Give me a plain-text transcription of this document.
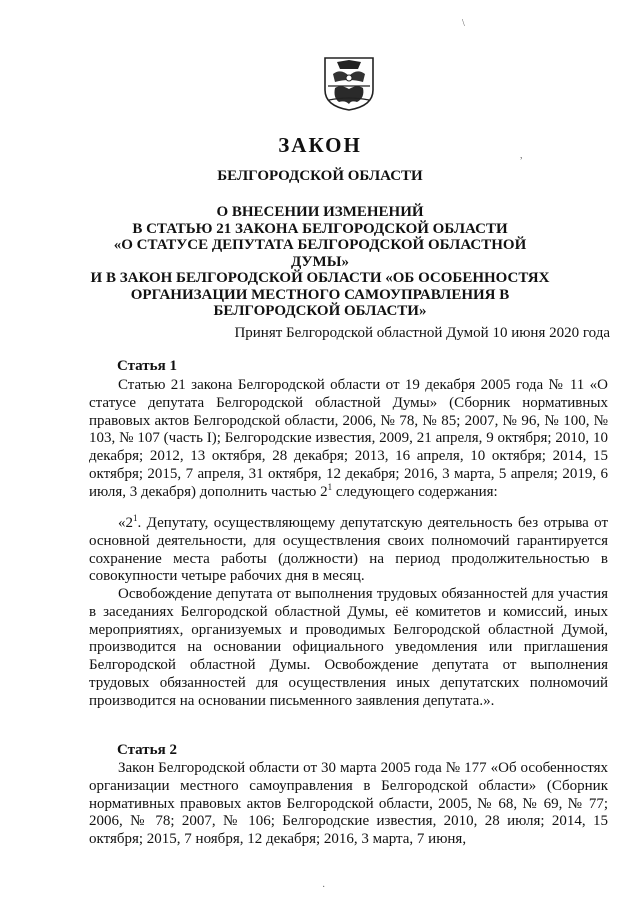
ЗАКОН
БЕЛГОРОДСКОЙ ОБЛАСТИ
О ВНЕСЕНИИ ИЗМЕНЕНИЙ
В СТАТЬЮ 21 ЗАКОНА БЕЛГОРОДСКОЙ ОБЛАСТИ
«О СТАТУСЕ ДЕПУТАТА БЕЛГОРОДСКОЙ ОБЛАСТНОЙ ДУМЫ»
И В ЗАКОН БЕЛГОРОДСКОЙ ОБЛАСТИ «ОБ ОСОБЕННОСТЯХ
ОРГАНИЗАЦИИ МЕСТНОГО САМОУПРАВЛЕНИЯ В
БЕЛГОРОДСКОЙ ОБЛАСТИ»
Принят Белгородской областной Думой 10 июня 2020 года
Статья 1

Статью 21 закона Белгородской области от 19 декабря 2005 года № 11 «О статусе депутата Белгородской областной Думы» (Сборник нормативных правовых актов Белгородской области, 2006, № 78, № 85; 2007, № 96, № 100, № 103, № 107 (часть I); Белгородские известия, 2009, 21 апреля, 9 октября; 2010, 10 декабря; 2012, 13 октября, 28 декабря; 2013, 16 апреля, 10 октября; 2014, 15 октября; 2015, 7 апреля, 31 октября, 12 декабря; 2016, 3 марта, 5 апреля; 2019, 6 июля, 3 декабря) дополнить частью $2^1$ следующего содержания:

«$2^1$. Депутату, осуществляющему депутатскую деятельность без отрыва от основной деятельности, для осуществления своих полномочий гарантируется сохранение места работы (должности) на период продолжительностью в совокупности четыре рабочих дня в месяц.

Освобождение депутата от выполнения трудовых обязанностей для участия в заседаниях Белгородской областной Думы, её комитетов и комиссий, иных мероприятиях, организуемых и проводимых Белгородской областной Думой, производится на основании официального уведомления или приглашения Белгородской областной Думы. Освобождение депутата от выполнения трудовых обязанностей для осуществления иных депутатских полномочий производится на основании письменного заявления депутата.».

Статья 2

Закон Белгородской области от 30 марта 2005 года № 177 «Об особенностях организации местного самоуправления в Белгородской области» (Сборник нормативных правовых актов Белгородской области, 2005, № 68, № 69, № 77; 2006, № 78; 2007, № 106; Белгородские известия, 2010, 28 июля; 2014, 15 октября; 2015, 7 ноября, 12 декабря; 2016, 3 марта, 7 июня,

\
,
·
